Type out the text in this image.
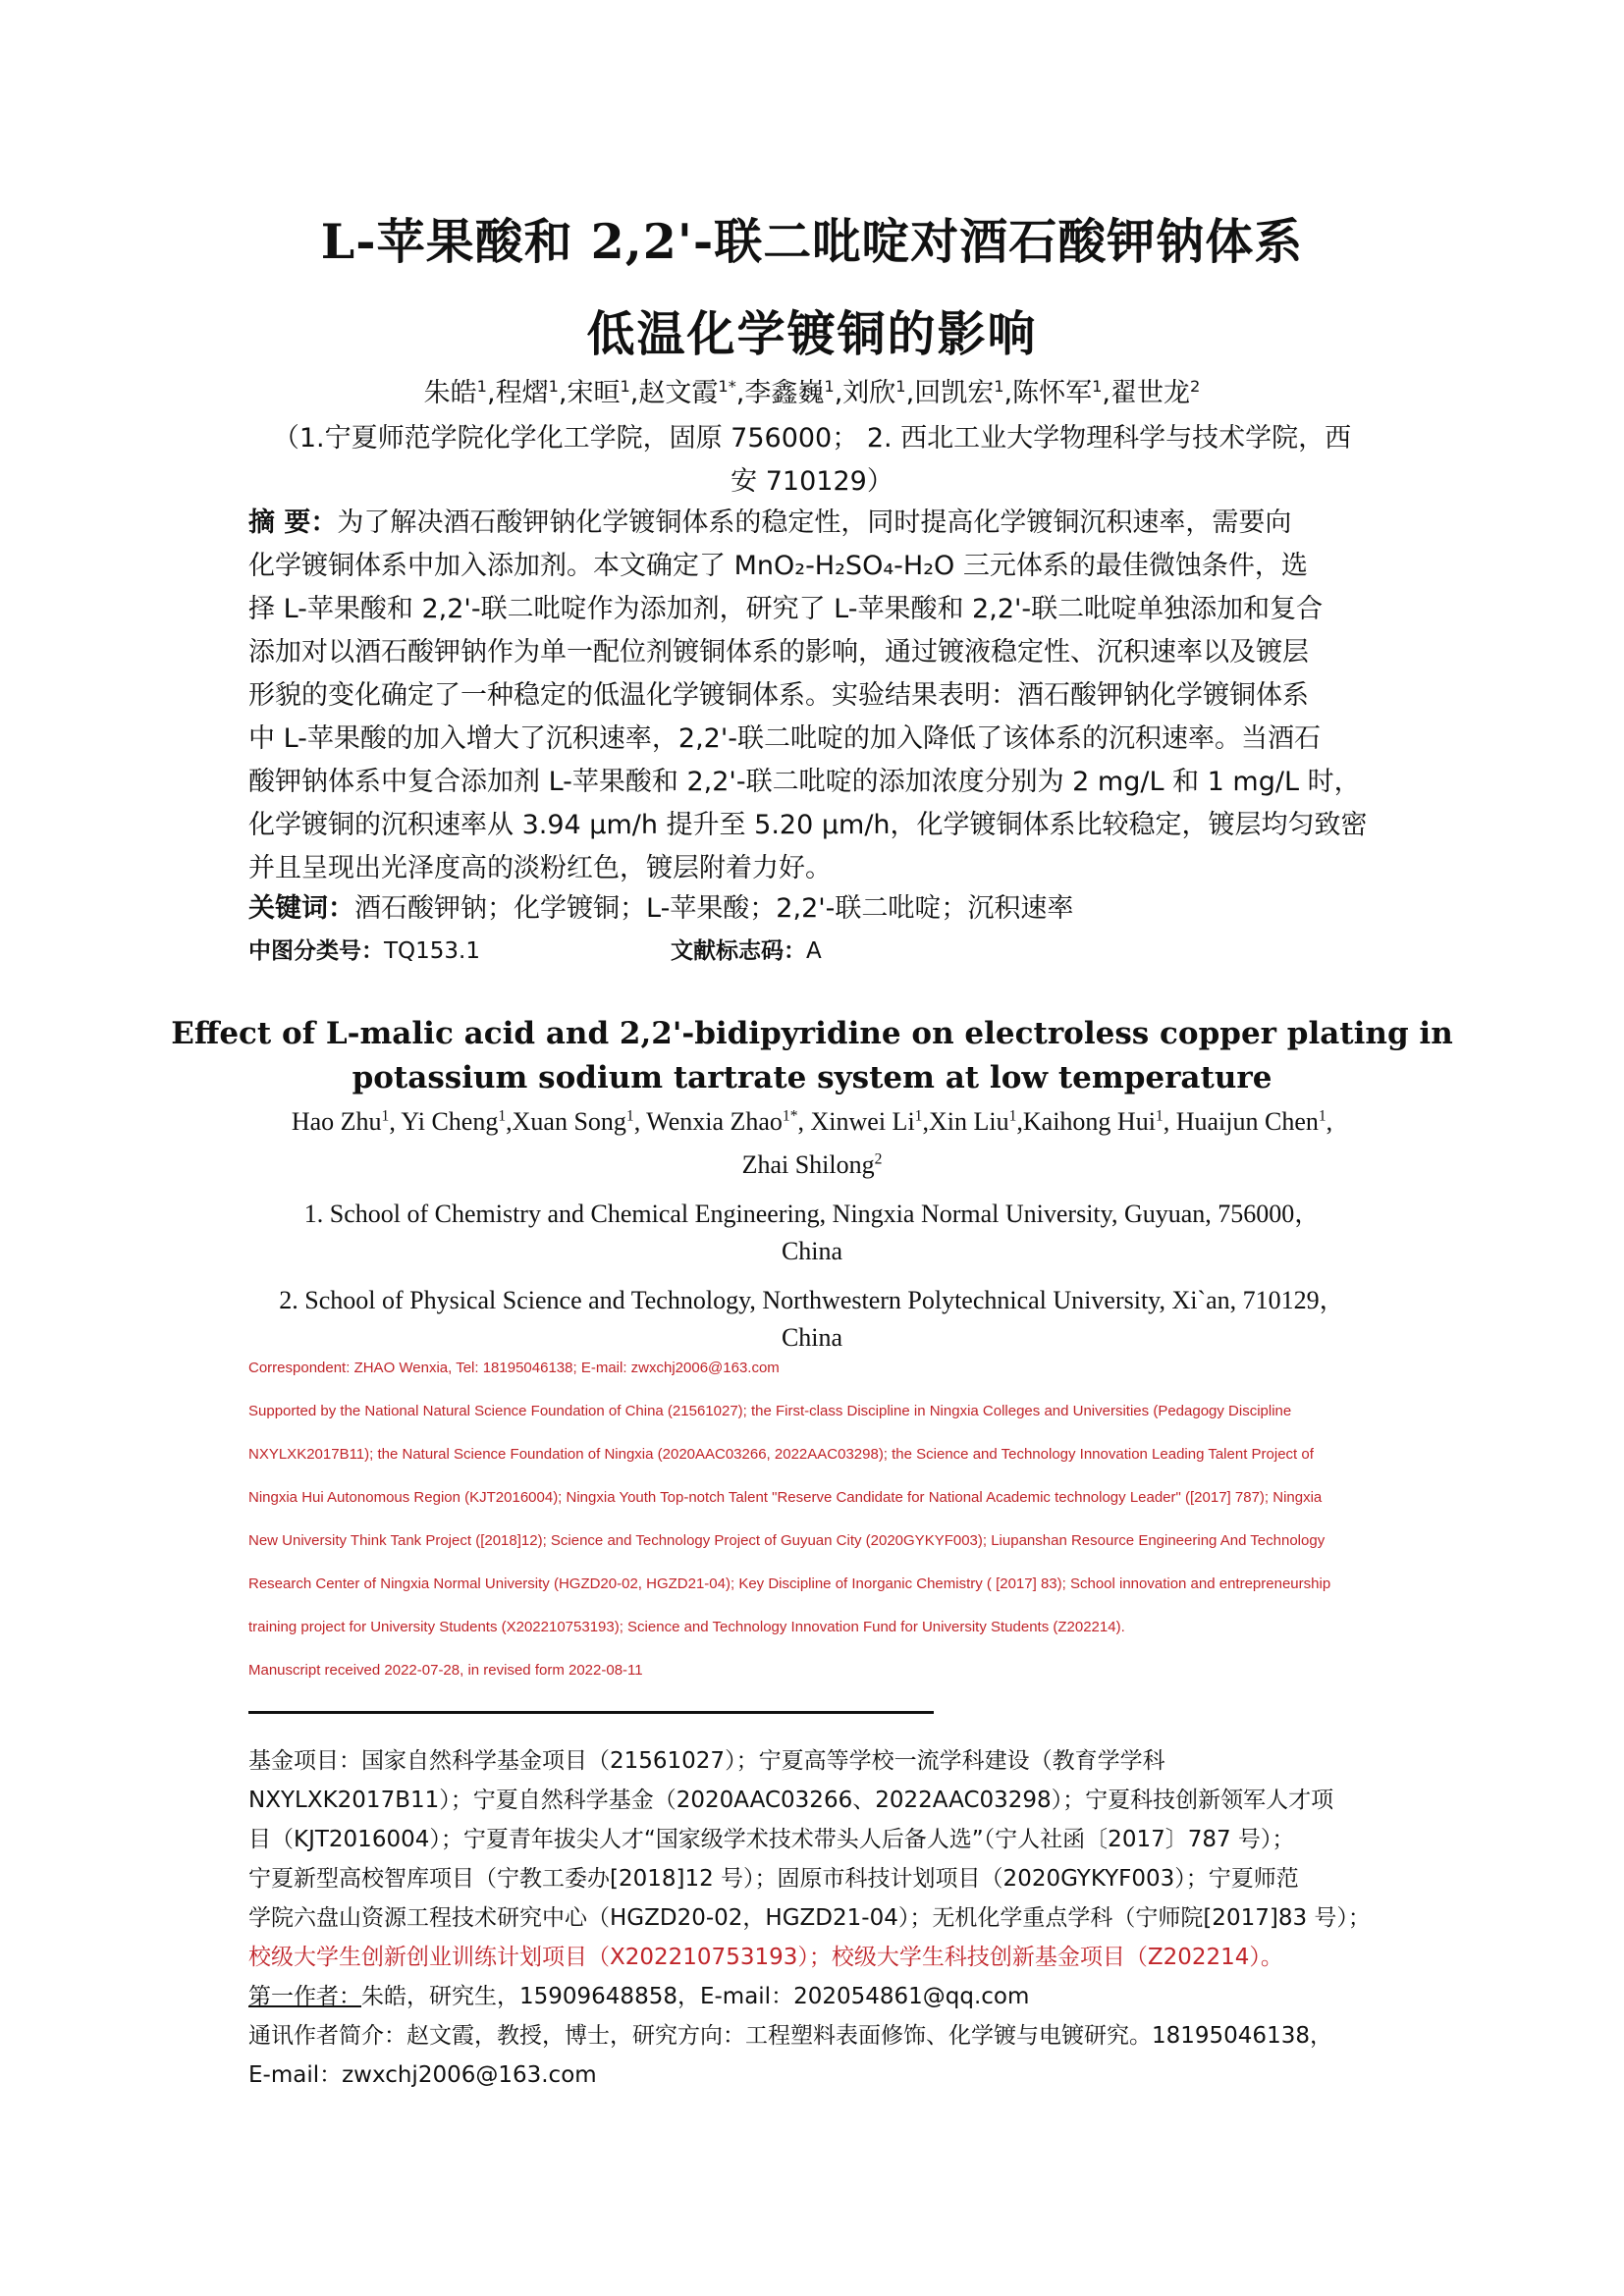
L-苹果酸和 2,2'-联二吡啶对酒石酸钾钠体系
低温化学镀铜的影响
朱皓$^1$,程熠$^1$,宋晅$^1$,赵文霞$^{1*}$,李鑫巍$^1$,刘欣$^1$,回凯宏$^1$,陈怀军$^1$,翟世龙$^2$
（1.宁夏师范学院化学化工学院，固原 756000； 2. 西北工业大学物理科学与技术学院，西
安 710129）
摘 要：为了解决酒石酸钾钠化学镀铜体系的稳定性，同时提高化学镀铜沉积速率，需要向
化学镀铜体系中加入添加剂。本文确定了 MnO₂-H₂SO₄-H₂O 三元体系的最佳微蚀条件，选
择 L-苹果酸和 2,2'-联二吡啶作为添加剂，研究了 L-苹果酸和 2,2'-联二吡啶单独添加和复合
添加对以酒石酸钾钠作为单一配位剂镀铜体系的影响，通过镀液稳定性、沉积速率以及镀层
形貌的变化确定了一种稳定的低温化学镀铜体系。实验结果表明：酒石酸钾钠化学镀铜体系
中 L-苹果酸的加入增大了沉积速率，2,2'-联二吡啶的加入降低了该体系的沉积速率。当酒石
酸钾钠体系中复合添加剂 L-苹果酸和 2,2'-联二吡啶的添加浓度分别为 2 mg/L 和 1 mg/L 时，
化学镀铜的沉积速率从 3.94 μm/h 提升至 5.20 μm/h，化学镀铜体系比较稳定，镀层均匀致密
并且呈现出光泽度高的淡粉红色，镀层附着力好。
关键词：酒石酸钾钠；化学镀铜；L-苹果酸；2,2'-联二吡啶；沉积速率
中图分类号：TQ153.1	文献标志码：A
Effect of L-malic acid and 2,2'-bidipyridine on electroless copper plating in
potassium sodium tartrate system at low temperature
Hao Zhu$^1$, Yi Cheng$^1$,Xuan Song$^1$, Wenxia Zhao$^{1*}$, Xinwei Li$^1$,Xin Liu$^1$,Kaihong Hui$^1$, Huaijun Chen$^1$,
Zhai Shilong$^2$
1. School of Chemistry and Chemical Engineering, Ningxia Normal University, Guyuan, 756000，
China
2. School of Physical Science and Technology, Northwestern Polytechnical University, Xi`an, 710129，
China
Correspondent: ZHAO Wenxia, Tel: 18195046138; E-mail: zwxchj2006@163.com
Supported by the National Natural Science Foundation of China (21561027); the First-class Discipline in Ningxia Colleges and Universities (Pedagogy Discipline
NXYLXK2017B11); the Natural Science Foundation of Ningxia (2020AAC03266, 2022AAC03298); the Science and Technology Innovation Leading Talent Project of
Ningxia Hui Autonomous Region (KJT2016004); Ningxia Youth Top-notch Talent "Reserve Candidate for National Academic technology Leader" ([2017] 787); Ningxia
New University Think Tank Project ([2018]12); Science and Technology Project of Guyuan City (2020GYKYF003); Liupanshan Resource Engineering And Technology
Research Center of Ningxia Normal University (HGZD20-02, HGZD21-04); Key Discipline of Inorganic Chemistry ( [2017] 83); School innovation and entrepreneurship
training project for University Students (X202210753193); Science and Technology Innovation Fund for University Students (Z202214).
Manuscript received 2022-07-28, in revised form 2022-08-11
基金项目：国家自然科学基金项目（21561027）；宁夏高等学校一流学科建设（教育学学科
NXYLXK2017B11）；宁夏自然科学基金（2020AAC03266、2022AAC03298）；宁夏科技创新领军人才项
目（KJT2016004）；宁夏青年拔尖人才“国家级学术技术带头人后备人选”（宁人社函〔2017〕787 号）；
宁夏新型高校智库项目（宁教工委办[2018]12 号）；固原市科技计划项目（2020GYKYF003）；宁夏师范
学院六盘山资源工程技术研究中心（HGZD20-02，HGZD21-04）；无机化学重点学科（宁师院[2017]83 号）；
校级大学生创新创业训练计划项目（X202210753193）；校级大学生科技创新基金项目（Z202214）。
第一作者：朱皓，研究生，15909648858，E-mail：202054861@qq.com
通讯作者简介：赵文霞，教授，博士，研究方向：工程塑料表面修饰、化学镀与电镀研究。18195046138，
E-mail：zwxchj2006@163.com
